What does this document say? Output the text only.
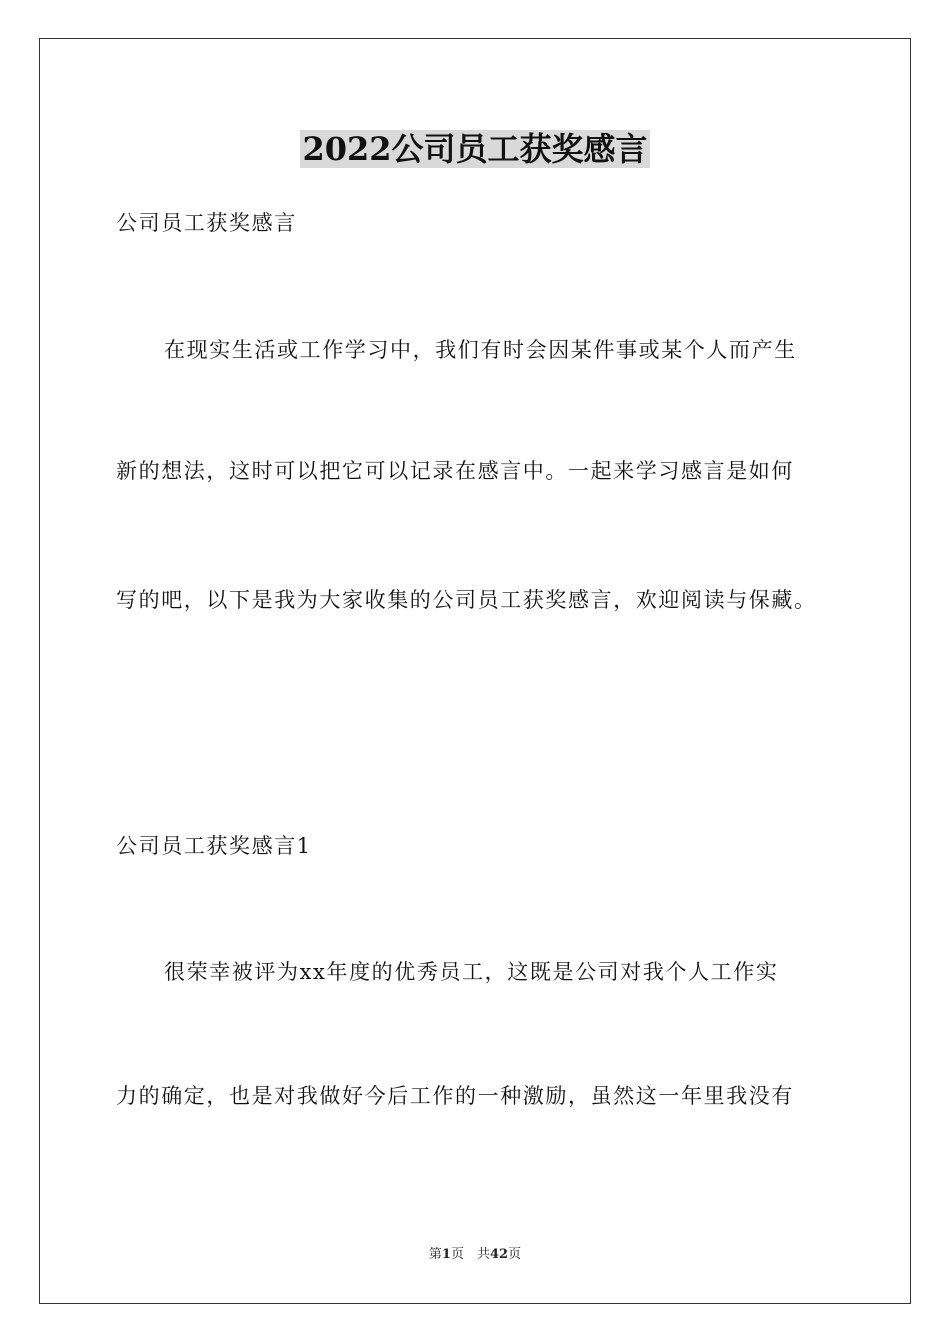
2022公司员工获奖感言
公司员工获奖感言
在现实生活或工作学习中，我们有时会因某件事或某个人而产生
新的想法，这时可以把它可以记录在感言中。一起来学习感言是如何
写的吧，以下是我为大家收集的公司员工获奖感言，欢迎阅读与保藏。
公司员工获奖感言1
很荣幸被评为xx年度的优秀员工，这既是公司对我个人工作实
力的确定，也是对我做好今后工作的一种激励，虽然这一年里我没有
第1页　共42页
